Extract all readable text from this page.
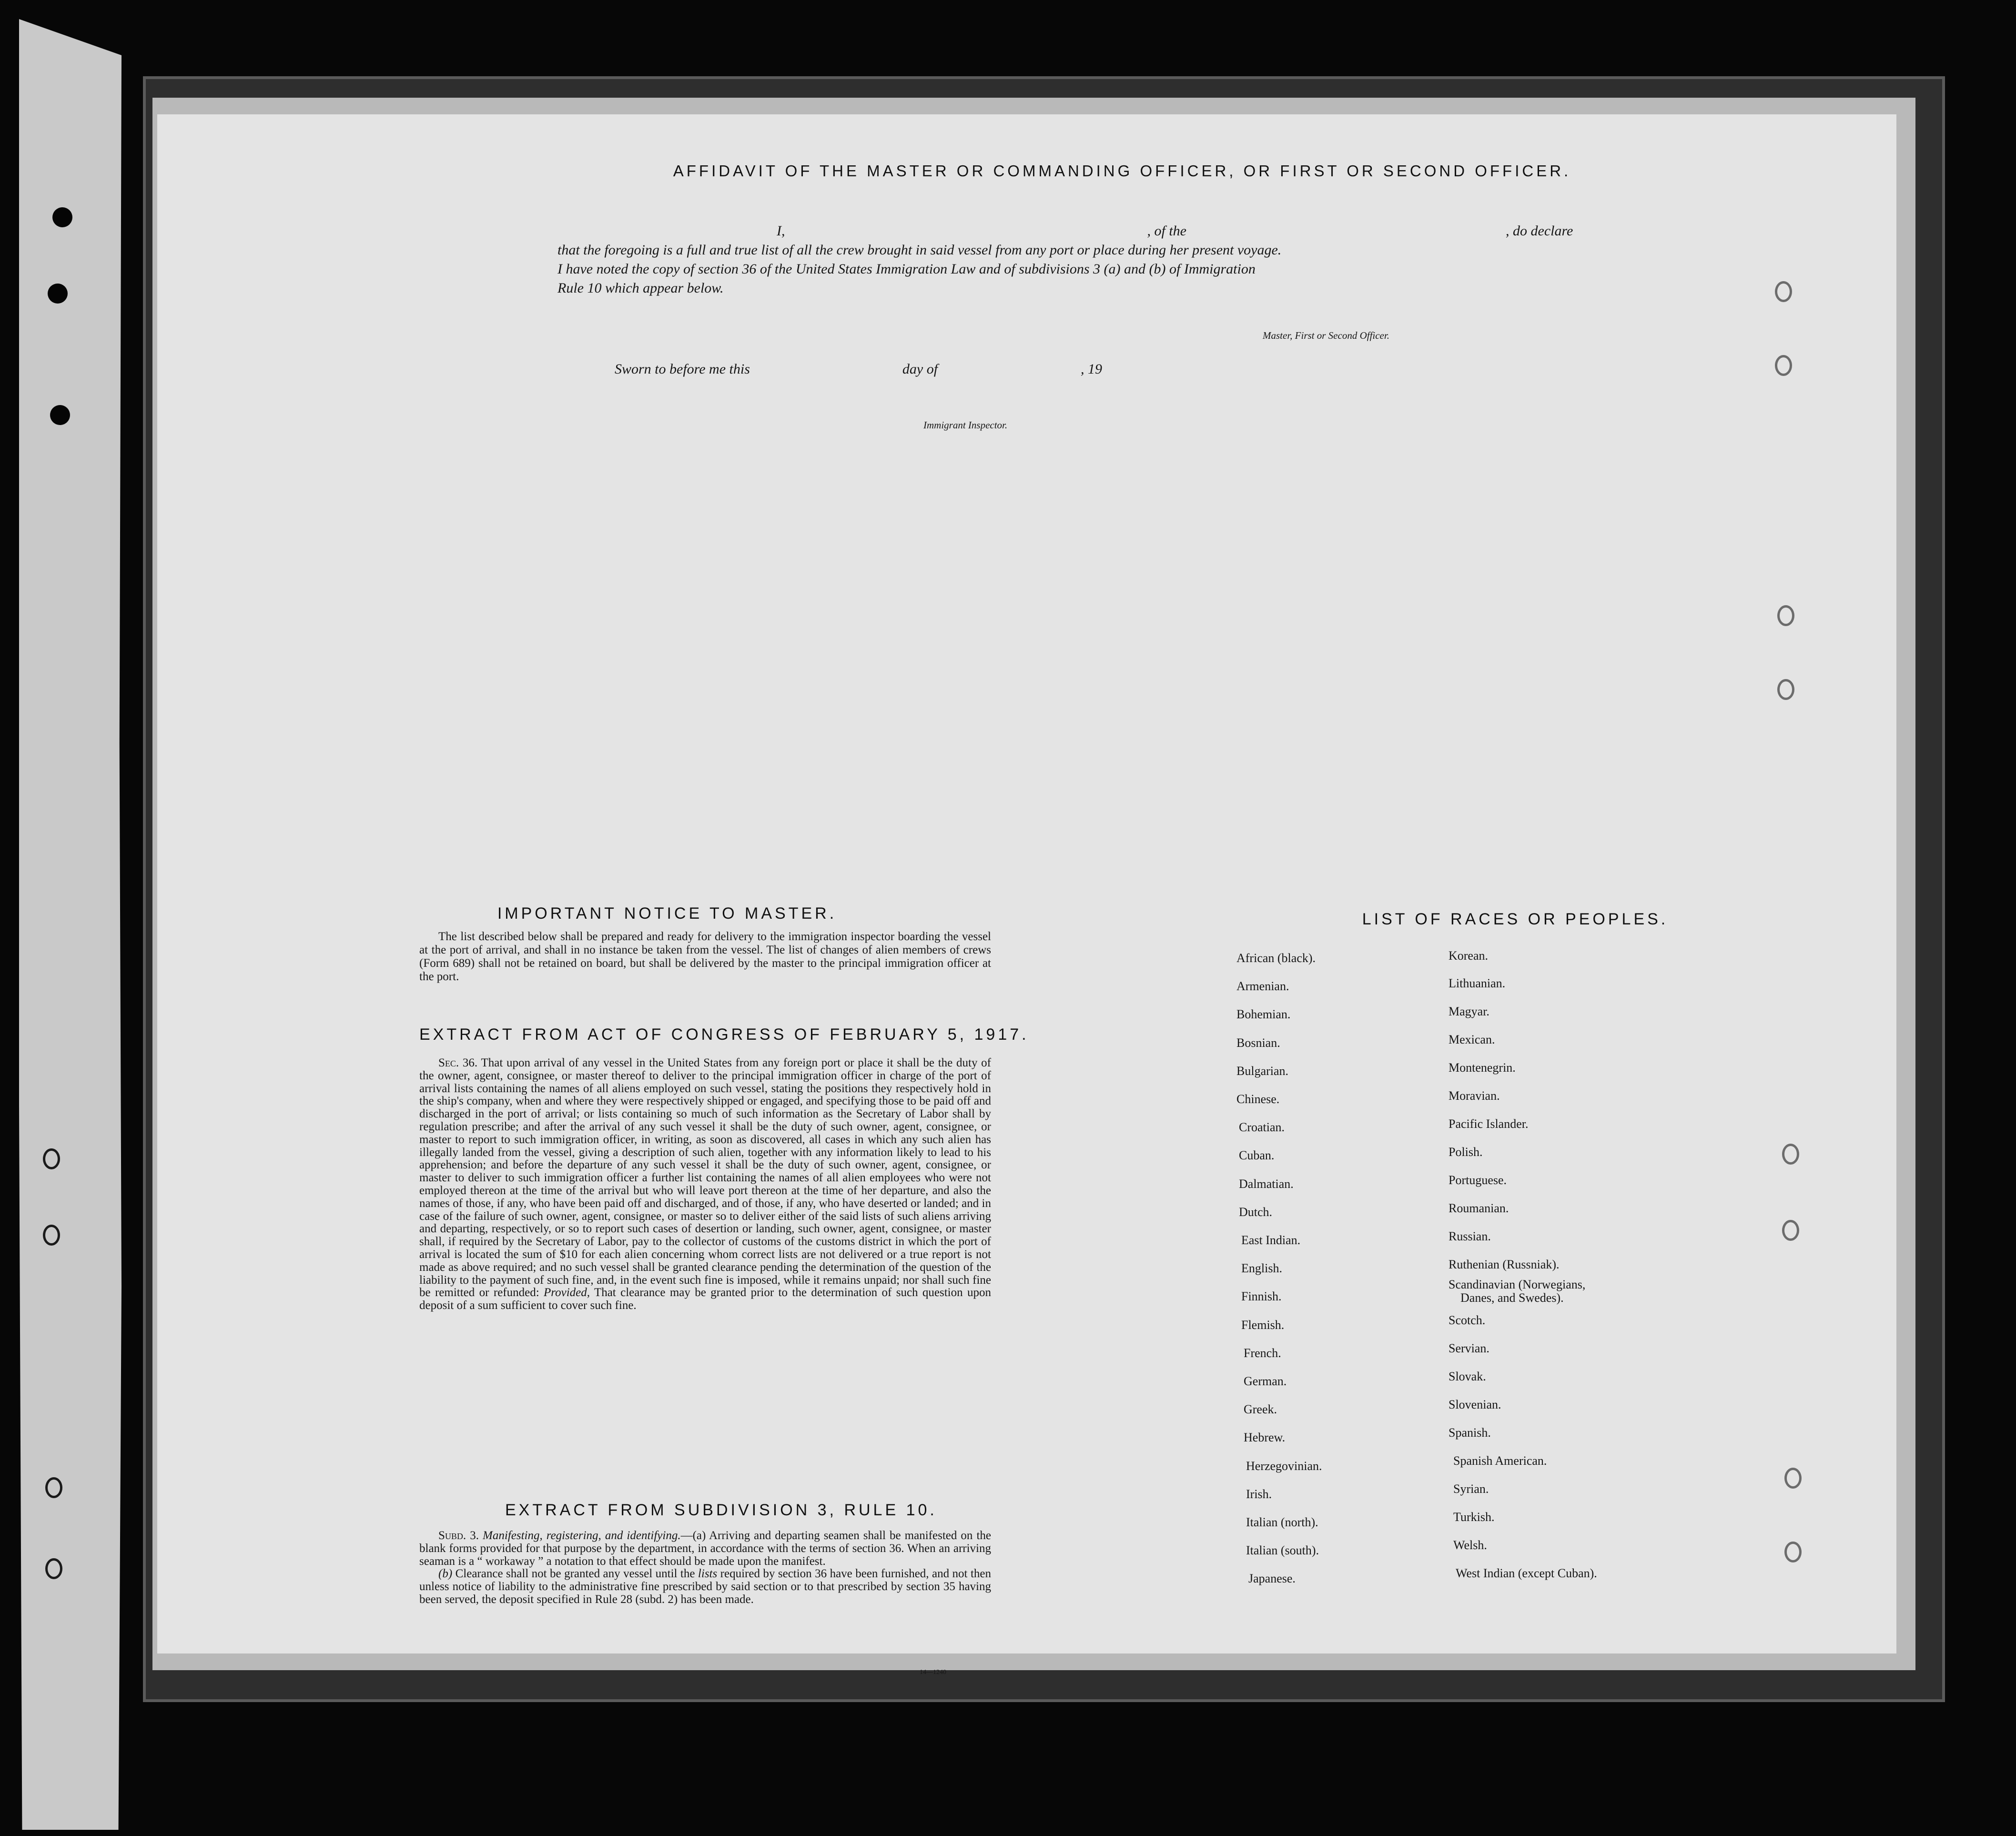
AFFIDAVIT OF THE MASTER OR COMMANDING OFFICER, OR FIRST OR SECOND OFFICER.
I,	, of the	, do declare
that the foregoing is a full and true list of all the crew brought in said vessel from any port or place during her present voyage.
I have noted the copy of section 36 of the United States Immigration Law and of subdivisions 3 (a) and (b) of Immigration
Rule 10 which appear below.
Master, First or Second Officer.
Sworn to before me this	day of	, 19
Immigrant Inspector.
IMPORTANT NOTICE TO MASTER.
The list described below shall be prepared and ready for delivery to the immigration inspector boarding the vessel at the port of arrival, and shall in no instance be taken from the vessel. The list of changes of alien members of crews (Form 689) shall not be retained on board, but shall be delivered by the master to the principal immigration officer at the port.
EXTRACT FROM ACT OF CONGRESS OF FEBRUARY 5, 1917.
Sec. 36. That upon arrival of any vessel in the United States from any foreign port or place it shall be the duty of the owner, agent, consignee, or master thereof to deliver to the principal immigration officer in charge of the port of arrival lists containing the names of all aliens employed on such vessel, stating the positions they respectively hold in the ship's company, when and where they were respectively shipped or engaged, and specifying those to be paid off and discharged in the port of arrival; or lists containing so much of such information as the Secretary of Labor shall by regulation prescribe; and after the arrival of any such vessel it shall be the duty of such owner, agent, consignee, or master to report to such immigration officer, in writing, as soon as discovered, all cases in which any such alien has illegally landed from the vessel, giving a description of such alien, together with any information likely to lead to his apprehension; and before the departure of any such vessel it shall be the duty of such owner, agent, consignee, or master to deliver to such immigration officer a further list containing the names of all alien employees who were not employed thereon at the time of the arrival but who will leave port thereon at the time of her departure, and also the names of those, if any, who have been paid off and discharged, and of those, if any, who have deserted or landed; and in case of the failure of such owner, agent, consignee, or master so to deliver either of the said lists of such aliens arriving and departing, respectively, or so to report such cases of desertion or landing, such owner, agent, consignee, or master shall, if required by the Secretary of Labor, pay to the collector of customs of the customs district in which the port of arrival is located the sum of $10 for each alien concerning whom correct lists are not delivered or a true report is not made as above required; and no such vessel shall be granted clearance pending the determination of the question of the liability to the payment of such fine, and, in the event such fine is imposed, while it remains unpaid; nor shall such fine be remitted or refunded: Provided, That clearance may be granted prior to the determination of such question upon deposit of a sum sufficient to cover such fine.
EXTRACT FROM SUBDIVISION 3, RULE 10.
Subd. 3. Manifesting, registering, and identifying.—(a) Arriving and departing seamen shall be manifested on the blank forms provided for that purpose by the department, in accordance with the terms of section 36. When an arriving seaman is a “ workaway ” a notation to that effect should be made upon the manifest.
(b) Clearance shall not be granted any vessel until the lists required by section 36 have been furnished, and not then unless notice of liability to the administrative fine prescribed by said section or to that prescribed by section 35 having been served, the deposit specified in Rule 28 (subd. 2) has been made.
14—1240
LIST OF RACES OR PEOPLES.
African (black).
Armenian.
Bohemian.
Bosnian.
Bulgarian.
Chinese.
Croatian.
Cuban.
Dalmatian.
Dutch.
East Indian.
English.
Finnish.
Flemish.
French.
German.
Greek.
Hebrew.
Herzegovinian.
Irish.
Italian (north).
Italian (south).
Japanese.
Korean.
Lithuanian.
Magyar.
Mexican.
Montenegrin.
Moravian.
Pacific Islander.
Polish.
Portuguese.
Roumanian.
Russian.
Ruthenian (Russniak).
Scandinavian (Norwegians,
Danes, and Swedes).
Scotch.
Servian.
Slovak.
Slovenian.
Spanish.
Spanish American.
Syrian.
Turkish.
Welsh.
West Indian (except Cuban).
